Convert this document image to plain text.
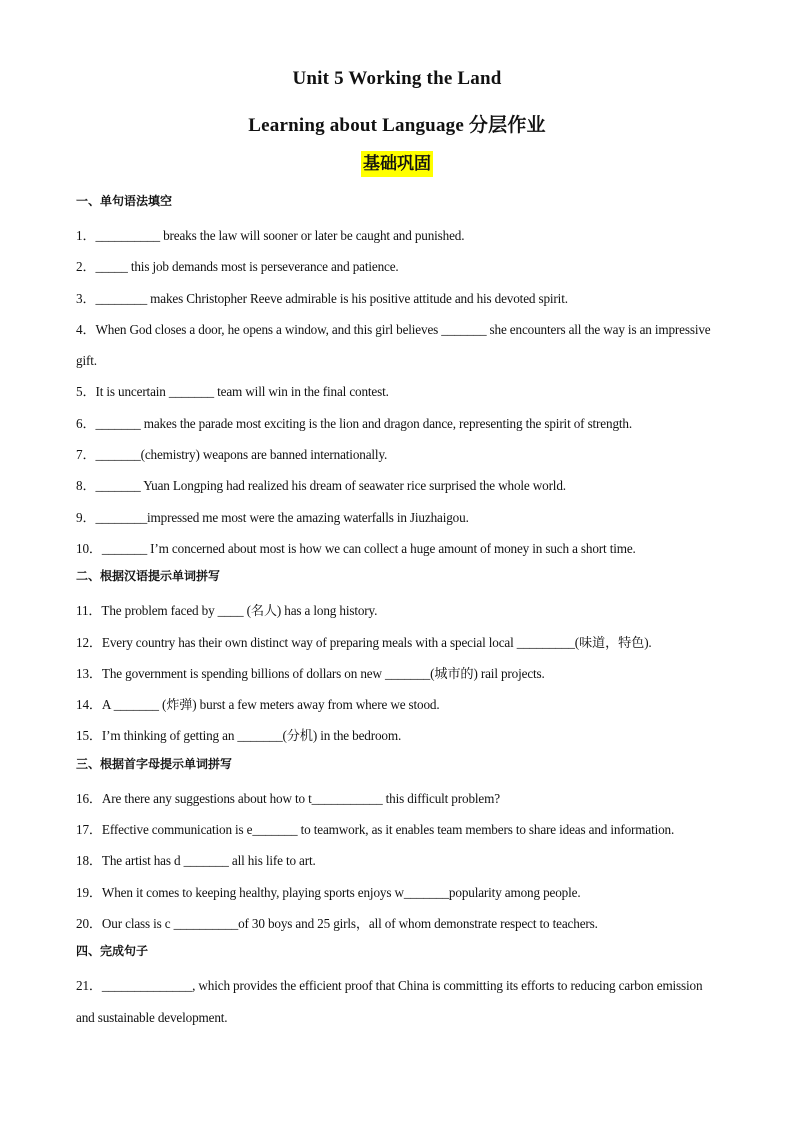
Unit 5 Working the Land
Learning about Language 分层作业
基础巩固
一、单句语法填空
1．__________ breaks the law will sooner or later be caught and punished.
2．_____ this job demands most is perseverance and patience.
3．________ makes Christopher Reeve admirable is his positive attitude and his devoted spirit.
4．When God closes a door, he opens a window, and this girl believes _______ she encounters all the way is an impressive gift.
5．It is uncertain _______ team will win in the final contest.
6．_______ makes the parade most exciting is the lion and dragon dance, representing the spirit of strength.
7．_______(chemistry) weapons are banned internationally.
8．_______ Yuan Longping had realized his dream of seawater rice surprised the whole world.
9．________impressed me most were the amazing waterfalls in Jiuzhaigou.
10．_______ I’m concerned about most is how we can collect a huge amount of money in such a short time.
二、根据汉语提示单词拼写
11．The problem faced by ____ (名人) has a long history.
12．Every country has their own distinct way of preparing meals with a special local _________(味道，特色).
13．The government is spending billions of dollars on new _______(城市的) rail projects.
14．A _______ (炸弹) burst a few meters away from where we stood.
15．I’m thinking of getting an _______(分机) in the bedroom.
三、根据首字母提示单词拼写
16．Are there any suggestions about how to t___________ this difficult problem?
17．Effective communication is e_______ to teamwork, as it enables team members to share ideas and information.
18．The artist has d _______ all his life to art.
19．When it comes to keeping healthy, playing sports enjoys w_______popularity among people.
20．Our class is c __________of 30 boys and 25 girls，all of whom demonstrate respect to teachers.
四、完成句子
21．______________, which provides the efficient proof that China is committing its efforts to reducing carbon emission and sustainable development.
